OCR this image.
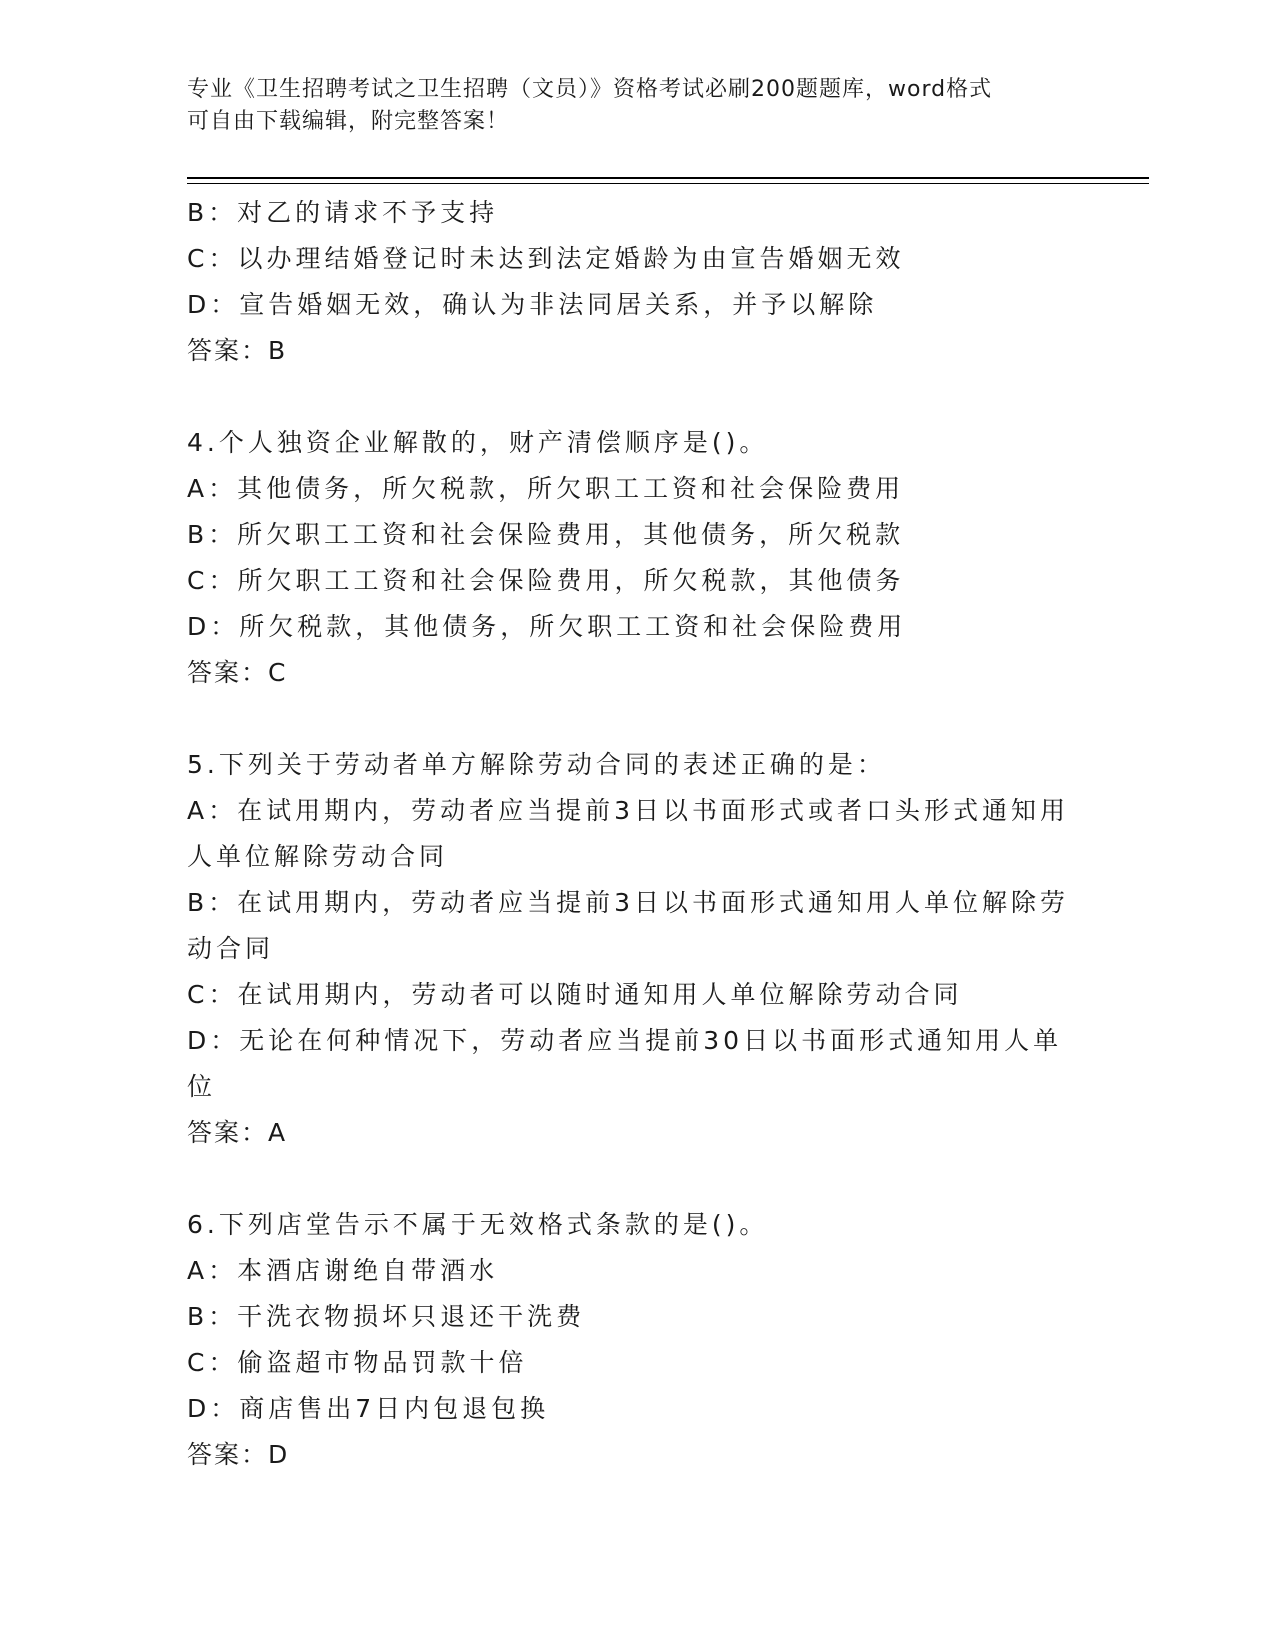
专业《卫生招聘考试之卫生招聘（文员）》资格考试必刷200题题库，word格式
可自由下载编辑，附完整答案！
B：对乙的请求不予支持
C：以办理结婚登记时未达到法定婚龄为由宣告婚姻无效
D：宣告婚姻无效，确认为非法同居关系，并予以解除
答案：B
4.个人独资企业解散的，财产清偿顺序是()。
A：其他债务，所欠税款，所欠职工工资和社会保险费用
B：所欠职工工资和社会保险费用，其他债务，所欠税款
C：所欠职工工资和社会保险费用，所欠税款，其他债务
D：所欠税款，其他债务，所欠职工工资和社会保险费用
答案：C
5.下列关于劳动者单方解除劳动合同的表述正确的是：
A：在试用期内，劳动者应当提前3日以书面形式或者口头形式通知用
人单位解除劳动合同
B：在试用期内，劳动者应当提前3日以书面形式通知用人单位解除劳
动合同
C：在试用期内，劳动者可以随时通知用人单位解除劳动合同
D：无论在何种情况下，劳动者应当提前30日以书面形式通知用人单
位
答案：A
6.下列店堂告示不属于无效格式条款的是()。
A：本酒店谢绝自带酒水
B：干洗衣物损坏只退还干洗费
C：偷盗超市物品罚款十倍
D：商店售出7日内包退包换
答案：D
